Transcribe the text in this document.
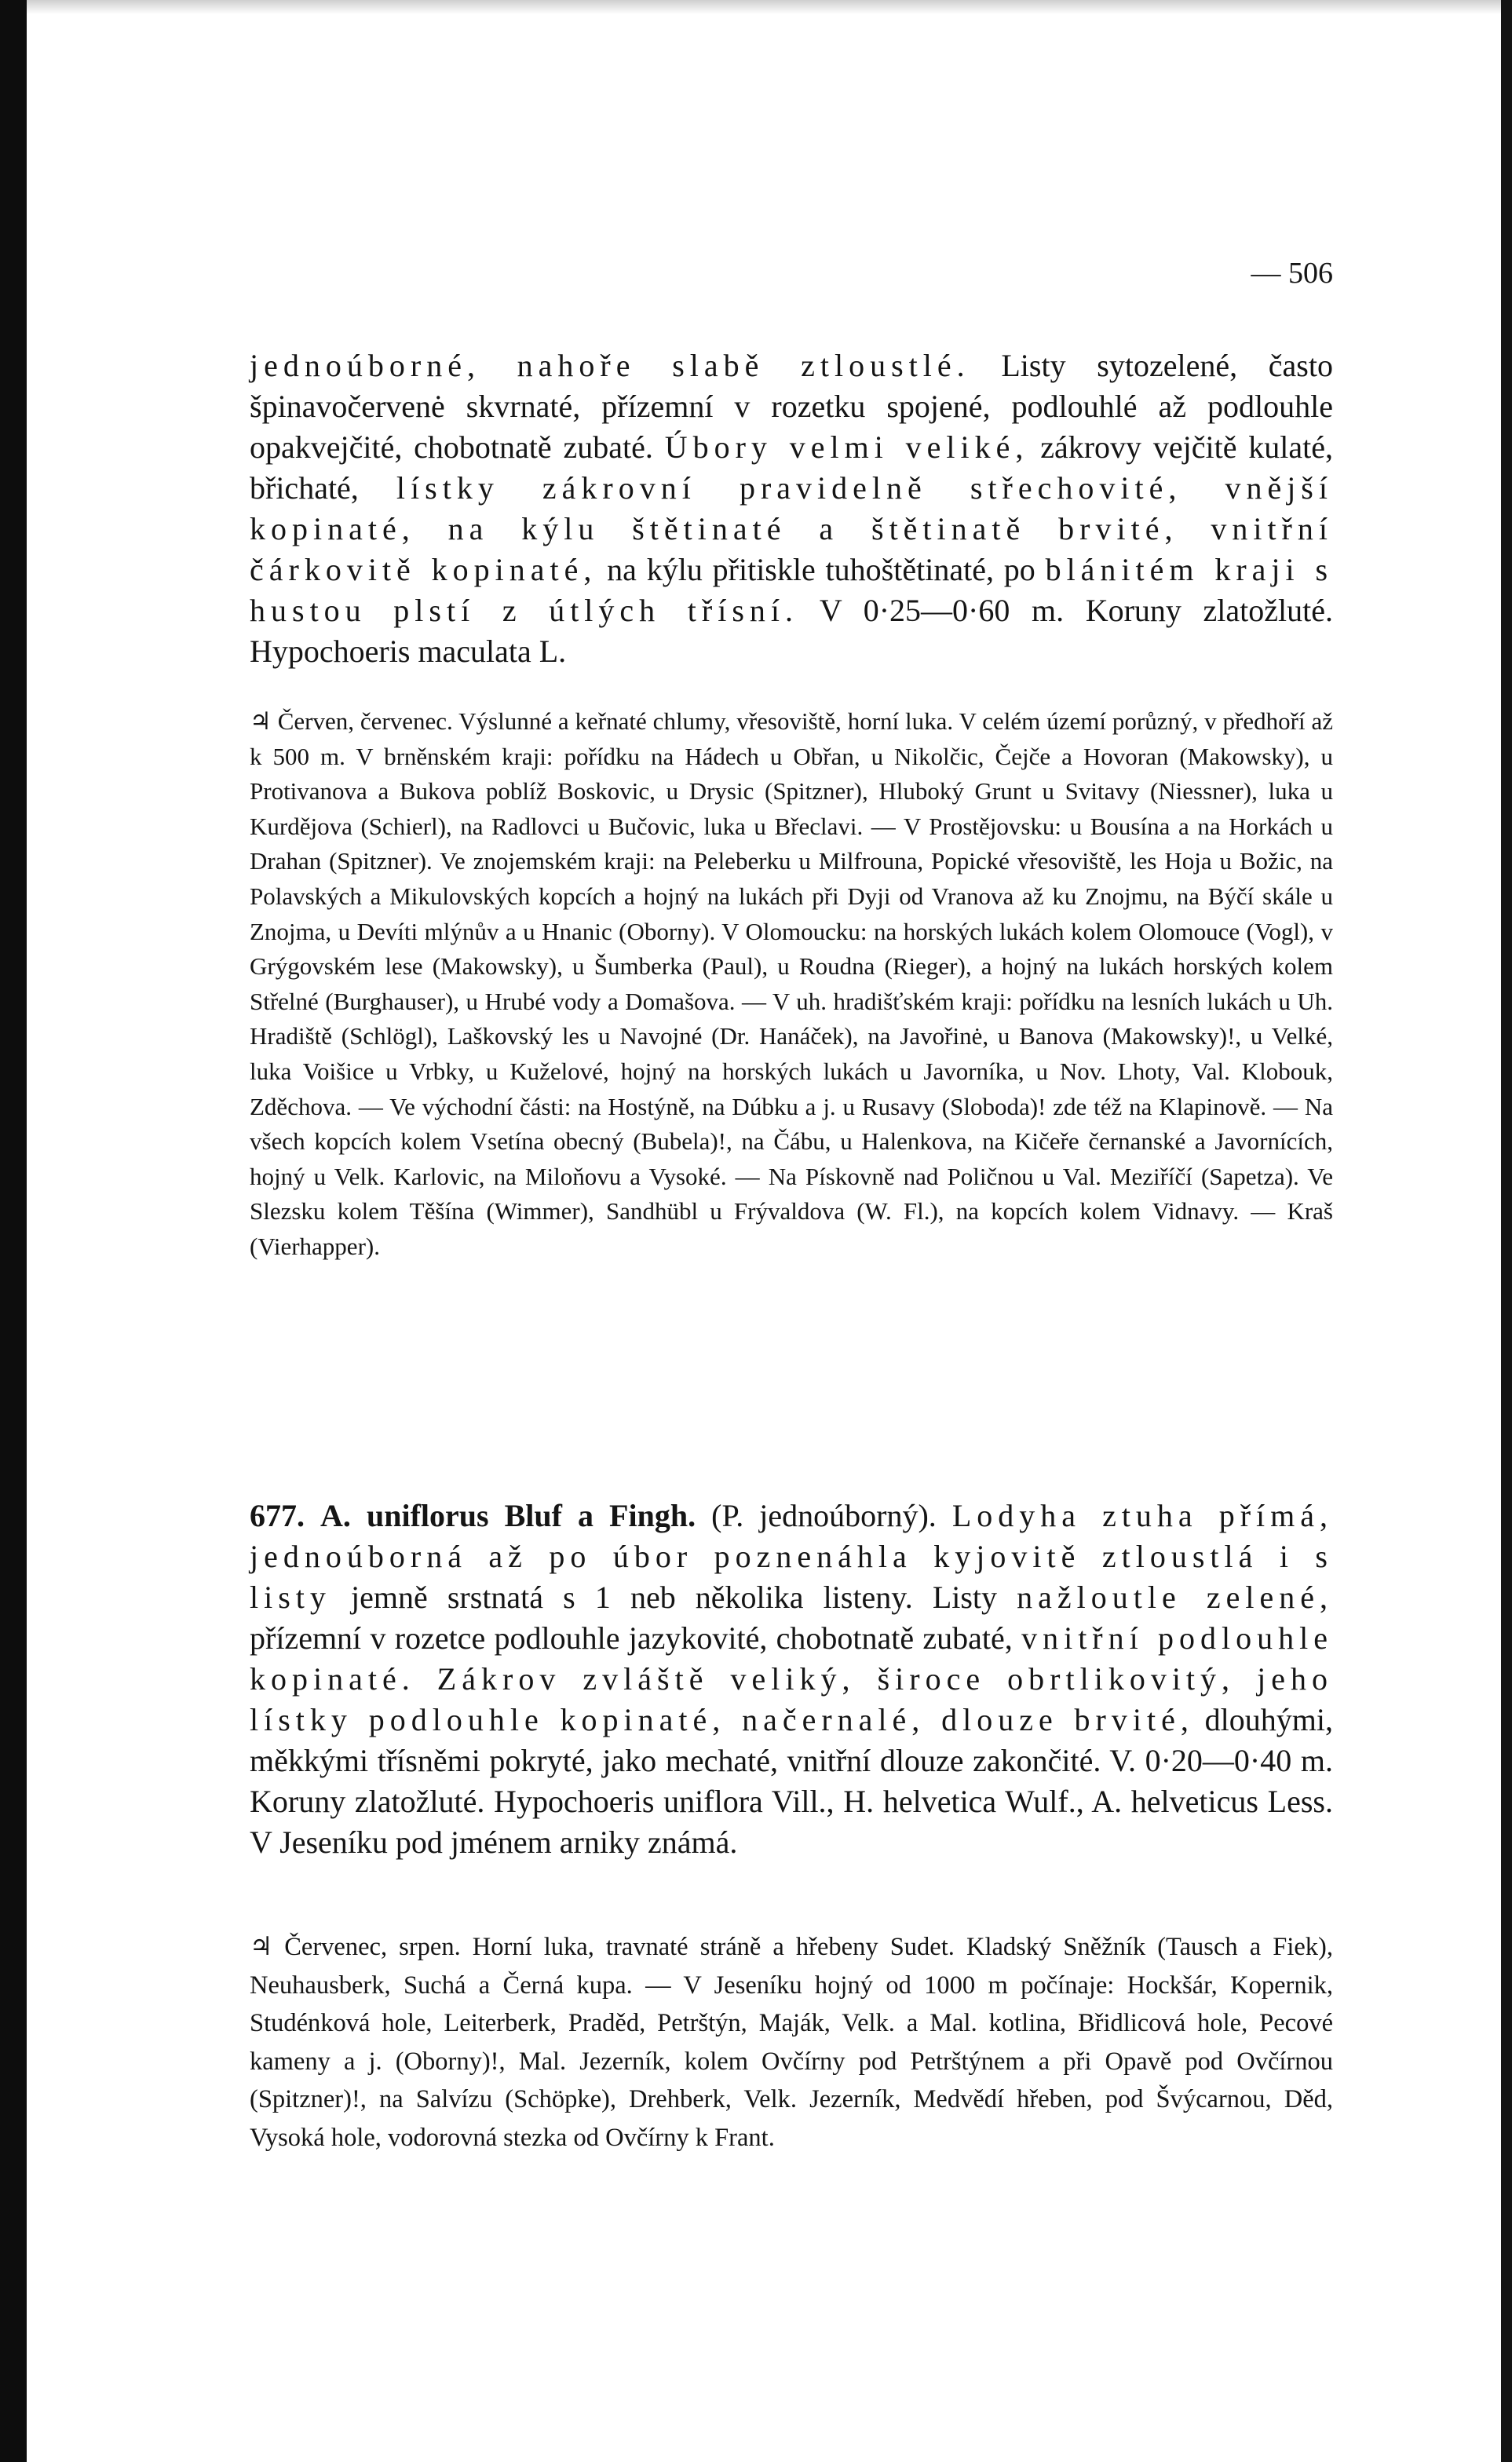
— 506

jednoúborné, nahoře slabě ztloustlé. Listy sytozelené, často špinavočervenė skvrnaté, přízemní v rozetku spojené, podlouhlé až podlouhle opakvejčité, chobotnatě zubaté. Úbory velmi veliké, zákrovy vejčitě kulaté, břichaté, lístky zákrovní pravidelně střechovité, vnější kopinaté, na kýlu štětinaté a štětinatě brvité, vnitřní čárkovitě kopinaté, na kýlu přitiskle tuhoštětinaté, po blánitém kraji s hustou plstí z útlých třísní. V 0·25—0·60 m. Koruny zlatožluté. Hypochoeris maculata L.

♃ Červen, červenec. Výslunné a keřnaté chlumy, vřesoviště, horní luka. V celém území porůzný, v předhoří až k 500 m. V brněnském kraji: pořídku na Hádech u Obřan, u Nikolčic, Čejče a Hovoran (Makowsky), u Protivanova a Bukova poblíž Boskovic, u Drysic (Spitzner), Hluboký Grunt u Svitavy (Niessner), luka u Kurdějova (Schierl), na Radlovci u Bučovic, luka u Břeclavi. — V Prostějovsku: u Bousína a na Horkách u Drahan (Spitzner). Ve znojemském kraji: na Peleberku u Milfrouna, Popické vřesoviště, les Hoja u Božic, na Polavských a Mikulovských kopcích a hojný na lukách při Dyji od Vranova až ku Znojmu, na Býčí skále u Znojma, u Devíti mlýnův a u Hnanic (Oborny). V Olomoucku: na horských lukách kolem Olomouce (Vogl), v Grýgovském lese (Makowsky), u Šumberka (Paul), u Roudna (Rieger), a hojný na lukách horských kolem Střelné (Burghauser), u Hrubé vody a Domašova. — V uh. hradišťském kraji: pořídku na lesních lukách u Uh. Hradiště (Schlögl), Laškovský les u Navojné (Dr. Hanáček), na Javořinė, u Banova (Makowsky)!, u Velké, luka Voišice u Vrbky, u Kuželové, hojný na horských lukách u Javorníka, u Nov. Lhoty, Val. Klobouk, Zděchova. — Ve východní části: na Hostýně, na Dúbku a j. u Rusavy (Sloboda)! zde též na Klapinově. — Na všech kopcích kolem Vsetína obecný (Bubela)!, na Čábu, u Halenkova, na Kičeře černanské a Javornících, hojný u Velk. Karlovic, na Miloňovu a Vysoké. — Na Pískovně nad Poličnou u Val. Meziříčí (Sapetza). Ve Slezsku kolem Těšína (Wimmer), Sandhübl u Frývaldova (W. Fl.), na kopcích kolem Vidnavy. — Kraš (Vierhapper).

677. A. uniflorus Bluf a Fingh. (P. jednoúborný). Lodyha ztuha přímá, jednoúborná až po úbor poznenáhla kyjovitě ztloustlá i s listy jemně srstnatá s 1 neb několika listeny. Listy nažloutle zelené, přízemní v rozetce podlouhle jazykovité, chobotnatě zubaté, vnitřní podlouhle kopinaté. Zákrov zvláště veliký, široce obrtlikovitý, jeho lístky podlouhle kopinaté, načernalé, dlouze brvité, dlouhými, měkkými třísněmi pokryté, jako mechaté, vnitřní dlouze zakončité. V. 0·20—0·40 m. Koruny zlatožluté. Hypochoeris uniflora Vill., H. helvetica Wulf., A. helveticus Less. V Jeseníku pod jménem arniky známá.

♃ Červenec, srpen. Horní luka, travnaté stráně a hřebeny Sudet. Kladský Sněžník (Tausch a Fiek), Neuhausberk, Suchá a Černá kupa. — V Jeseníku hojný od 1000 m počínaje: Hockšár, Kopernik, Studénková hole, Leiterberk, Praděd, Petrštýn, Maják, Velk. a Mal. kotlina, Břidlicová hole, Pecové kameny a j. (Oborny)!, Mal. Jezerník, kolem Ovčírny pod Petrštýnem a při Opavě pod Ovčírnou (Spitzner)!, na Salvízu (Schöpke), Drehberk, Velk. Jezerník, Medvědí hřeben, pod Švýcarnou, Děd, Vysoká hole, vodorovná stezka od Ovčírny k Frant.
